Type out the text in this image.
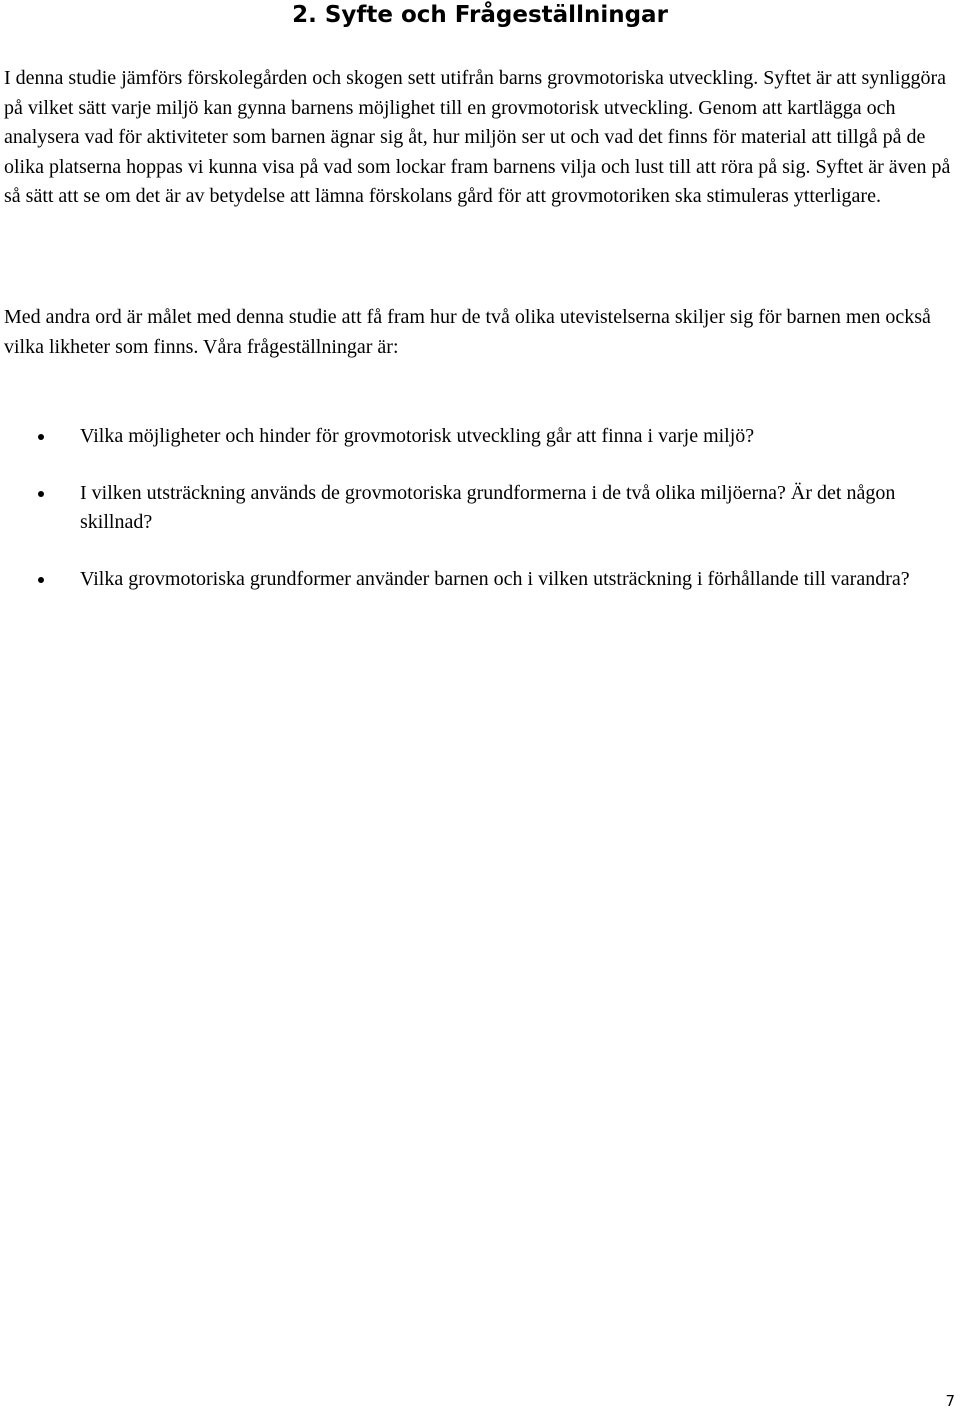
2. Syfte och Frågeställningar

I denna studie jämförs förskolegården och skogen sett utifrån barns grovmotoriska utveckling. Syftet är att synliggöra på vilket sätt varje miljö kan gynna barnens möjlighet till en grovmotorisk utveckling. Genom att kartlägga och analysera vad för aktiviteter som barnen ägnar sig åt, hur miljön ser ut och vad det finns för material att tillgå på de olika platserna hoppas vi kunna visa på vad som lockar fram barnens vilja och lust till att röra på sig. Syftet är även på så sätt att se om det är av betydelse att lämna förskolans gård för att grovmotoriken ska stimuleras ytterligare.

Med andra ord är målet med denna studie att få fram hur de två olika utevistelserna skiljer sig för barnen men också vilka likheter som finns. Våra frågeställningar är:

Vilka möjligheter och hinder för grovmotorisk utveckling går att finna i varje miljö?
I vilken utsträckning används de grovmotoriska grundformerna i de två olika miljöerna? Är det någon skillnad?
Vilka grovmotoriska grundformer använder barnen och i vilken utsträckning i förhållande till varandra?
7
